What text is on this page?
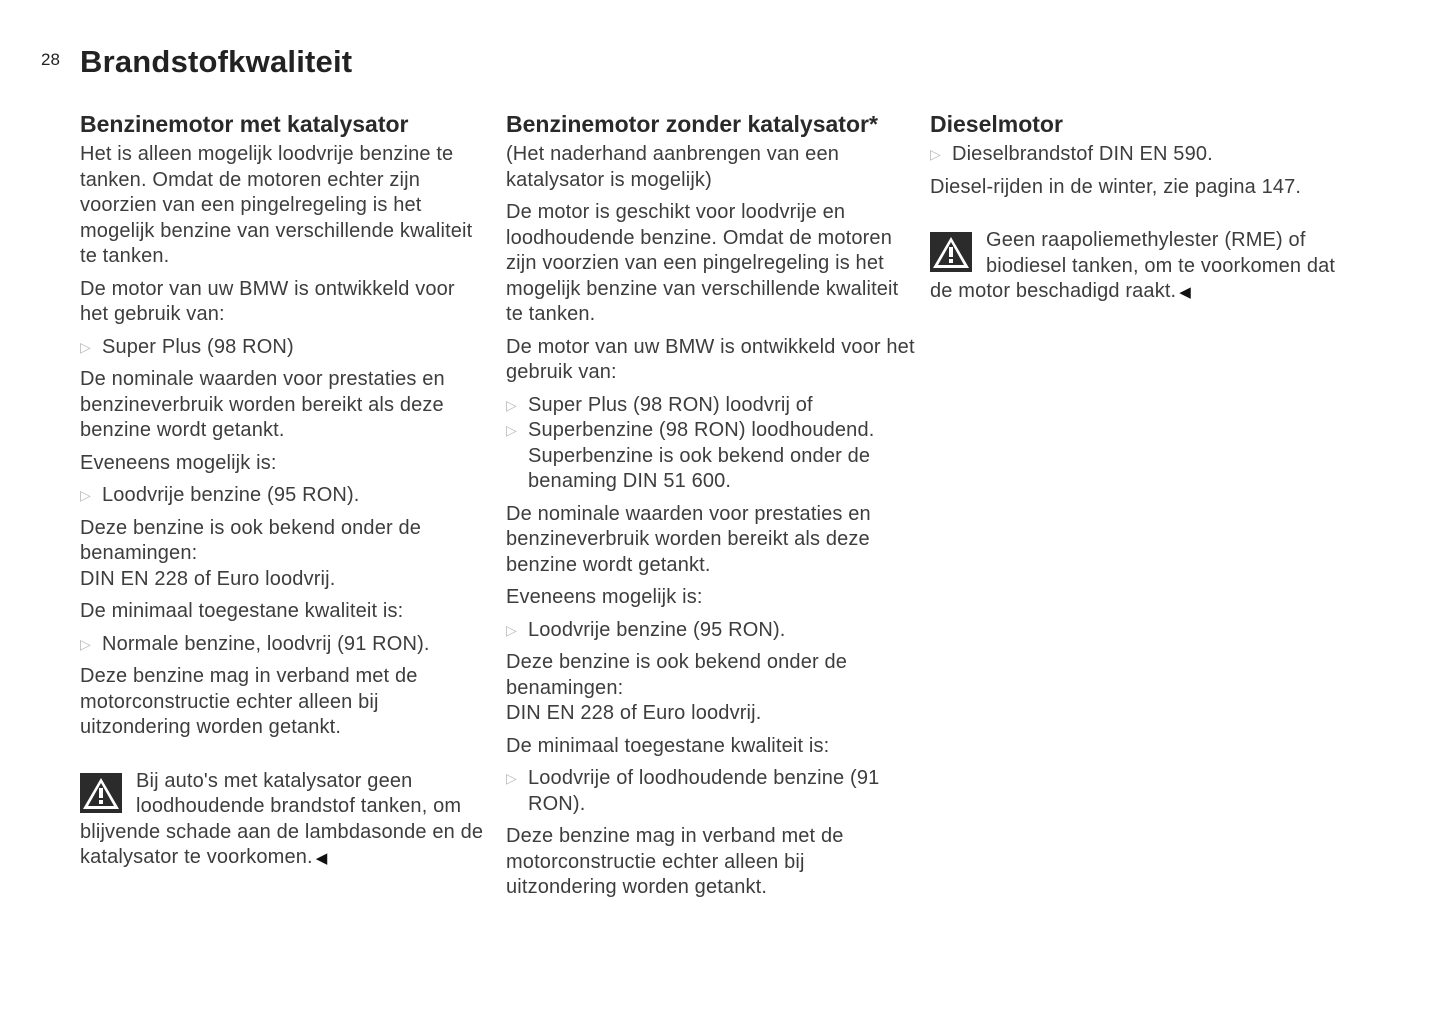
28 Brandstofkwaliteit
Benzinemotor met katalysator

Het is alleen mogelijk loodvrije benzine te tanken. Omdat de motoren echter zijn voorzien van een pingelregeling is het mogelijk benzine van verschillende kwaliteit te tanken.

De motor van uw BMW is ontwikkeld voor het gebruik van:

▷ Super Plus (98 RON)

De nominale waarden voor prestaties en benzineverbruik worden bereikt als deze benzine wordt getankt.

Eveneens mogelijk is:

▷ Loodvrije benzine (95 RON).

Deze benzine is ook bekend onder de benamingen:
DIN EN 228 of Euro loodvrij.

De minimaal toegestane kwaliteit is:

▷ Normale benzine, loodvrij (91 RON).

Deze benzine mag in verband met de motorconstructie echter alleen bij uitzondering worden getankt.

Bij auto's met katalysator geen loodhoudende brandstof tanken, om blijvende schade aan de lambdasonde en de katalysator te voorkomen. ◀
Benzinemotor zonder katalysator*

(Het naderhand aanbrengen van een katalysator is mogelijk)

De motor is geschikt voor loodvrije en loodhoudende benzine. Omdat de motoren zijn voorzien van een pingelregeling is het mogelijk benzine van verschillende kwaliteit te tanken.

De motor van uw BMW is ontwikkeld voor het gebruik van:

▷ Super Plus (98 RON) loodvrij of
▷ Superbenzine (98 RON) loodhoudend.
Superbenzine is ook bekend onder de benaming DIN 51 600.

De nominale waarden voor prestaties en benzineverbruik worden bereikt als deze benzine wordt getankt.

Eveneens mogelijk is:

▷ Loodvrije benzine (95 RON).

Deze benzine is ook bekend onder de benamingen:
DIN EN 228 of Euro loodvrij.

De minimaal toegestane kwaliteit is:

▷ Loodvrije of loodhoudende benzine (91 RON).

Deze benzine mag in verband met de motorconstructie echter alleen bij uitzondering worden getankt.

Dieselmotor
▷ Dieselbrandstof DIN EN 590.

Diesel-rijden in de winter, zie pagina 147.

Geen raapoliemethylester (RME) of biodiesel tanken, om te voorkomen dat de motor beschadigd raakt. ◀
